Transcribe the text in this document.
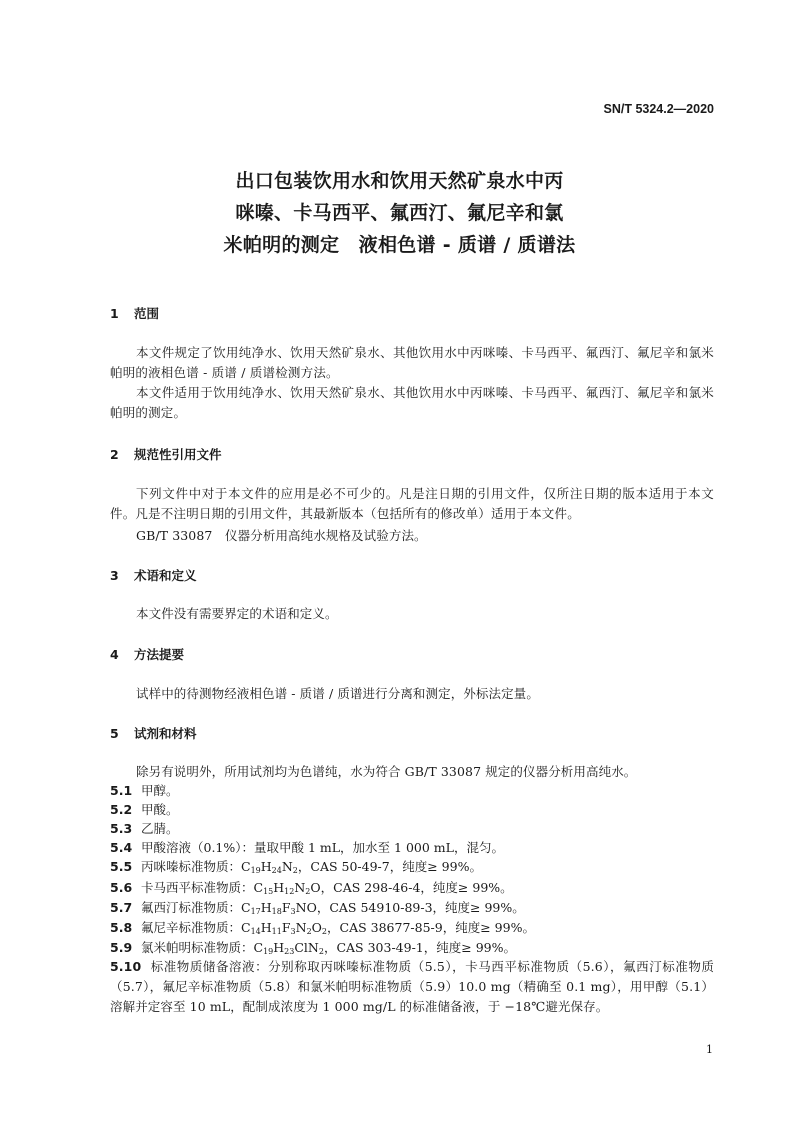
SN/T 5324.2—2020
出口包装饮用水和饮用天然矿泉水中丙
咪嗪、卡马西平、氟西汀、氟尼辛和氯
米帕明的测定　液相色谱 - 质谱 / 质谱法
1 范围
本文件规定了饮用纯净水、饮用天然矿泉水、其他饮用水中丙咪嗪、卡马西平、氟西汀、氟尼辛和氯米帕明的液相色谱 - 质谱 / 质谱检测方法。
本文件适用于饮用纯净水、饮用天然矿泉水、其他饮用水中丙咪嗪、卡马西平、氟西汀、氟尼辛和氯米帕明的测定。
2 规范性引用文件
下列文件中对于本文件的应用是必不可少的。凡是注日期的引用文件，仅所注日期的版本适用于本文件。凡是不注明日期的引用文件，其最新版本（包括所有的修改单）适用于本文件。
GB/T 33087　仪器分析用高纯水规格及试验方法。
3 术语和定义
本文件没有需要界定的术语和定义。
4 方法提要
试样中的待测物经液相色谱 - 质谱 / 质谱进行分离和测定，外标法定量。
5 试剂和材料
除另有说明外，所用试剂均为色谱纯，水为符合 GB/T 33087 规定的仪器分析用高纯水。
5.1 甲醇。
5.2 甲酸。
5.3 乙腈。
5.4 甲酸溶液（0.1%）：量取甲酸 1 mL，加水至 1 000 mL，混匀。
5.5 丙咪嗪标准物质：$C_{19}H_{24}N_2$，CAS 50-49-7，纯度≥ 99%。
5.6 卡马西平标准物质：$C_{15}H_{12}N_2O$，CAS 298-46-4，纯度≥ 99%。
5.7 氟西汀标准物质：$C_{17}H_{18}F_3NO$，CAS 54910-89-3，纯度≥ 99%。
5.8 氟尼辛标准物质：$C_{14}H_{11}F_3N_2O_2$，CAS 38677-85-9，纯度≥ 99%。
5.9 氯米帕明标准物质：$C_{19}H_{23}ClN_2$，CAS 303-49-1，纯度≥ 99%。
5.10 标准物质储备溶液：分别称取丙咪嗪标准物质（5.5），卡马西平标准物质（5.6），氟西汀标准物质（5.7），氟尼辛标准物质（5.8）和氯米帕明标准物质（5.9）10.0 mg（精确至 0.1 mg），用甲醇（5.1）溶解并定容至 10 mL，配制成浓度为 1 000 mg/L 的标准储备液，于 −18℃避光保存。
1
